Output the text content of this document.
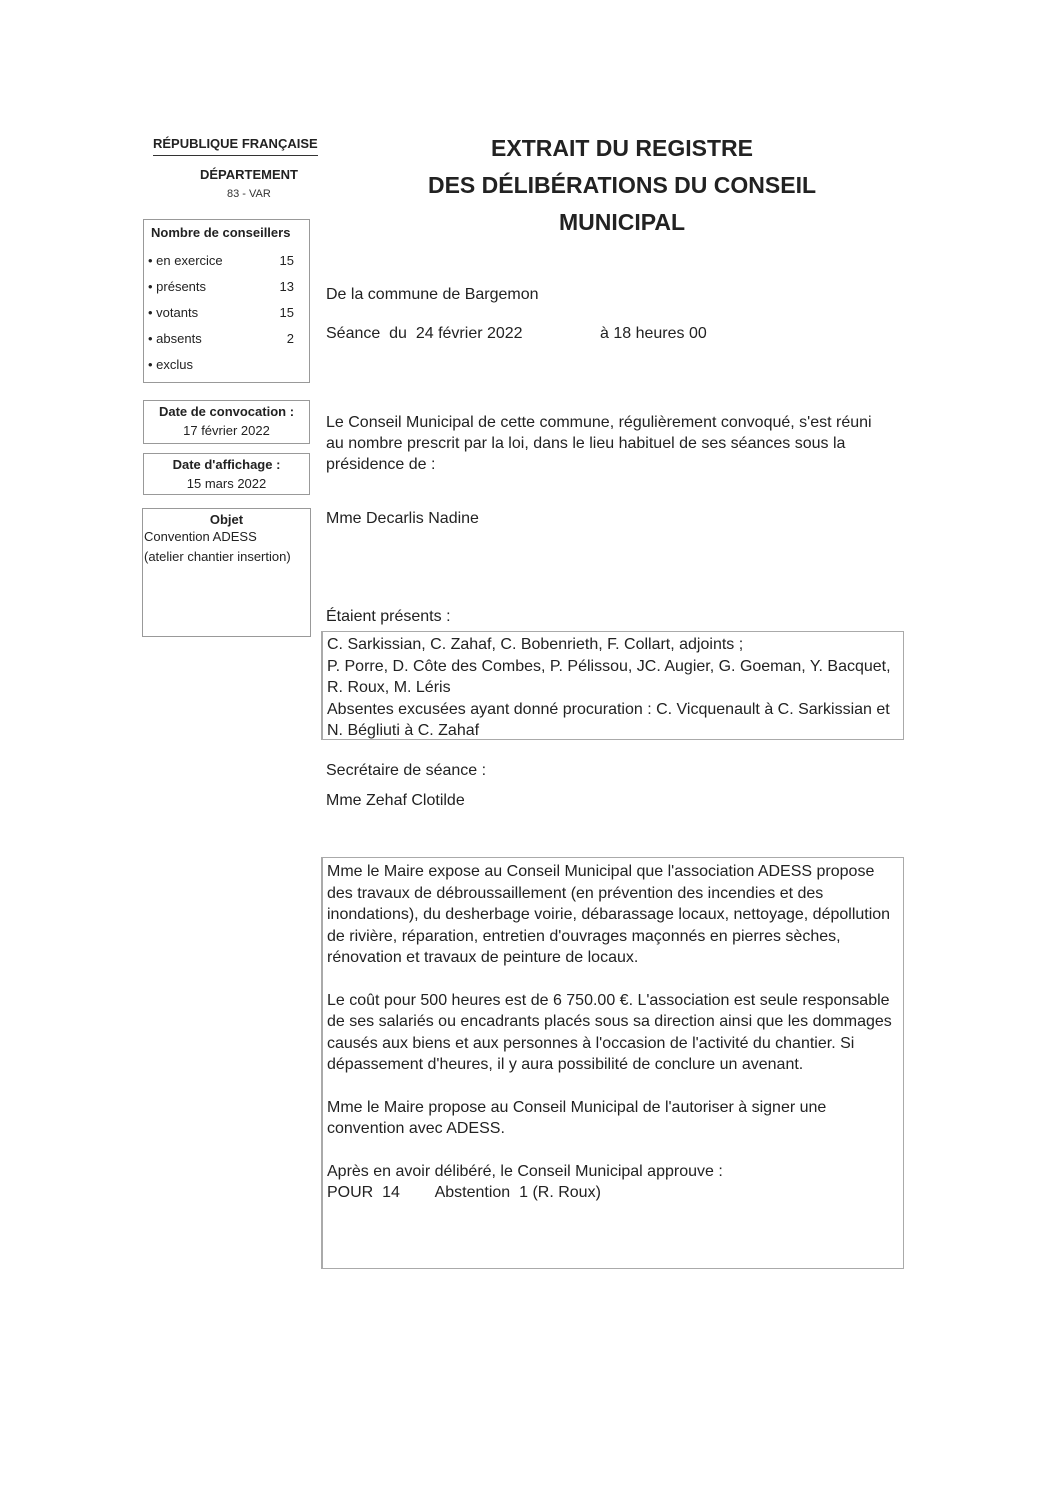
RÉPUBLIQUE FRANÇAISE
DÉPARTEMENT
83 - VAR
EXTRAIT DU REGISTRE
DES DÉLIBÉRATIONS DU CONSEIL
MUNICIPAL
Nombre de conseillers
• en exercice	15
• présents	13
• votants	15
• absents	2
• exclus
Date de convocation :
17 février 2022
Date d'affichage :
15 mars 2022
Objet
Convention ADESS
(atelier chantier insertion)
De la commune de Bargemon
Séance  du  24 février 2022	à 18 heures 00
Le Conseil Municipal de cette commune, régulièrement convoqué, s'est réuni au nombre prescrit par la loi, dans le lieu habituel de ses séances sous la présidence de :
Mme Decarlis Nadine
Étaient présents :
C. Sarkissian, C. Zahaf, C. Bobenrieth, F. Collart, adjoints ;
P. Porre, D. Côte des Combes, P. Pélissou, JC. Augier, G. Goeman, Y. Bacquet, R. Roux, M. Léris
Absentes excusées ayant donné procuration : C. Vicquenault à C. Sarkissian et N. Bégliuti à C. Zahaf
Secrétaire de séance :
Mme Zehaf Clotilde

Mme le Maire expose au Conseil Municipal que l'association ADESS propose des travaux de débroussaillement (en prévention des incendies et des inondations), du desherbage voirie, débarassage locaux, nettoyage, dépollution de rivière, réparation, entretien d'ouvrages maçonnés en pierres sèches, rénovation et travaux de peinture de locaux.

Le coût pour 500 heures est de 6 750.00 €. L'association est seule responsable de ses salariés ou encadrants placés sous sa direction ainsi que les dommages causés aux biens et aux personnes à l'occasion de l'activité du chantier. Si dépassement d'heures, il y aura possibilité de conclure un avenant.

Mme le Maire propose au Conseil Municipal de l'autoriser à signer une convention avec ADESS.

Après en avoir délibéré, le Conseil Municipal approuve :
POUR  14        Abstention  1 (R. Roux)
